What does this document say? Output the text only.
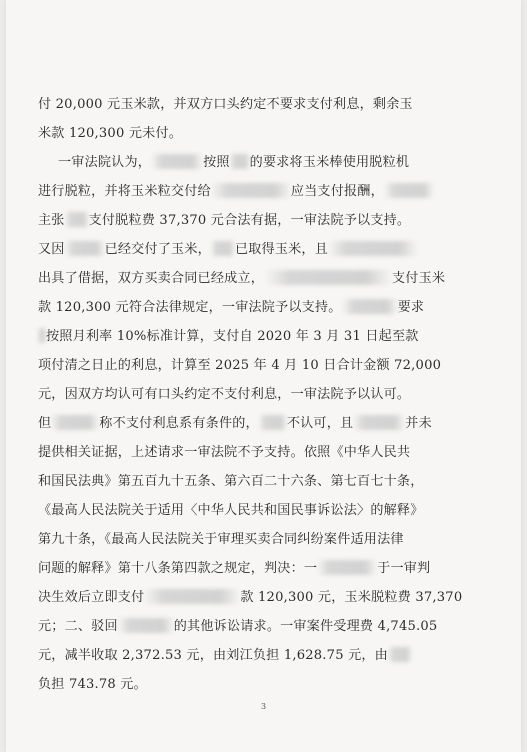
付 20,000 元玉米款，并双方口头约定不要求支付利息，剩余玉
米款 120,300 元未付。
一审法院认为，	按照 的要求将玉米棒使用脱粒机
进行脱粒，并将玉米粒交付给	应当支付报酬，
主张 支付脱粒费 37,370 元合法有据，一审法院予以支持。
又因	已经交付了玉米， 已取得玉米，且
出具了借据，双方买卖合同已经成立，	支付玉米
款 120,300 元符合法律规定，一审法院予以支持。	要求
按照月利率 10%标准计算，支付自 2020 年 3 月 31 日起至款
项付清之日止的利息，计算至 2025 年 4 月 10 日合计金额 72,000
元，因双方均认可有口头约定不支付利息，一审法院予以认可。
但	称不支付利息系有条件的， 不认可，且	并未
提供相关证据，上述请求一审法院不予支持。依照《中华人民共
和国民法典》第五百九十五条、第六百二十六条、第七百七十条，
《最高人民法院关于适用〈中华人民共和国民事诉讼法〉的解释》
第九十条，《最高人民法院关于审理买卖合同纠纷案件适用法律
问题的解释》第十八条第四款之规定，判决：一	于一审判
决生效后立即支付	款 120,300 元，玉米脱粒费 37,370
元；二、驳回	的其他诉讼请求。一审案件受理费 4,745.05
元，减半收取 2,372.53 元，由刘江负担 1,628.75 元，由
负担 743.78 元。
3
